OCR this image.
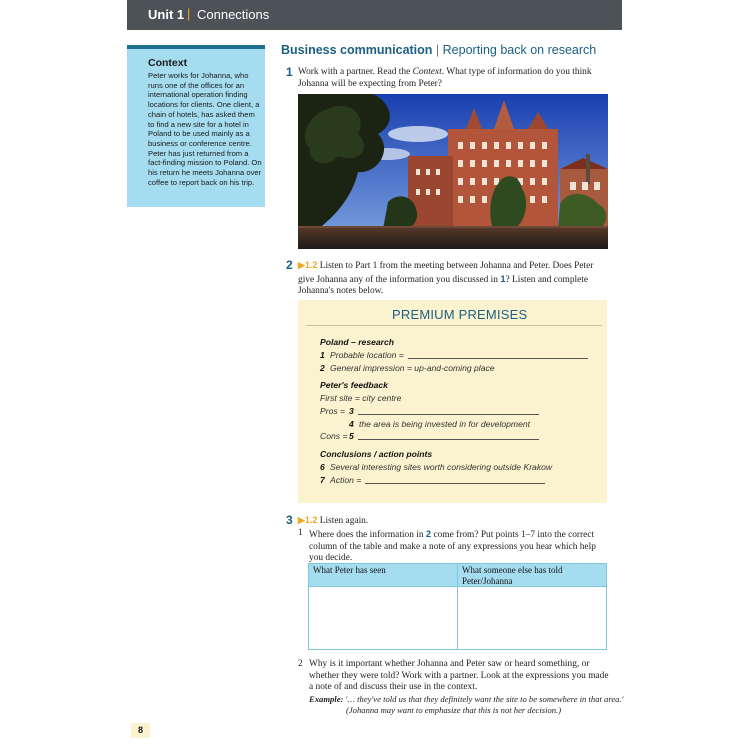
Unit 1 | Connections
Context
Peter works for Johanna, who runs one of the offices for an international operation finding locations for clients. One client, a chain of hotels, has asked them to find a new site for a hotel in Poland to be used mainly as a business or conference centre. Peter has just returned from a fact-finding mission to Poland. On his return he meets Johanna over coffee to report back on his trip.
Business communication | Reporting back on research
1 Work with a partner. Read the Context. What type of information do you think Johanna will be expecting from Peter?
2 ▶1.2 Listen to Part 1 from the meeting between Johanna and Peter. Does Peter give Johanna any of the information you discussed in 1? Listen and complete Johanna's notes below.
PREMIUM PREMISES
Poland – research
1 Probable location =
2 General impression = up-and-coming place
Peter's feedback
First site = city centre
Pros = 3
4 the area is being invested in for development
Cons = 5
Conclusions / action points
6 Several interesting sites worth considering outside Krakow
7 Action =
3 ▶1.2 Listen again.
1 Where does the information in 2 come from? Put points 1–7 into the correct column of the table and make a note of any expressions you hear which help you decide.
What Peter has seen	What someone else has told Peter/Johanna
2 Why is it important whether Johanna and Peter saw or heard something, or whether they were told? Work with a partner. Look at the expressions you made a note of and discuss their use in the context.
Example: '… they've told us that they definitely want the site to be somewhere in that area.'
(Johanna may want to emphasize that this is not her decision.)
8
